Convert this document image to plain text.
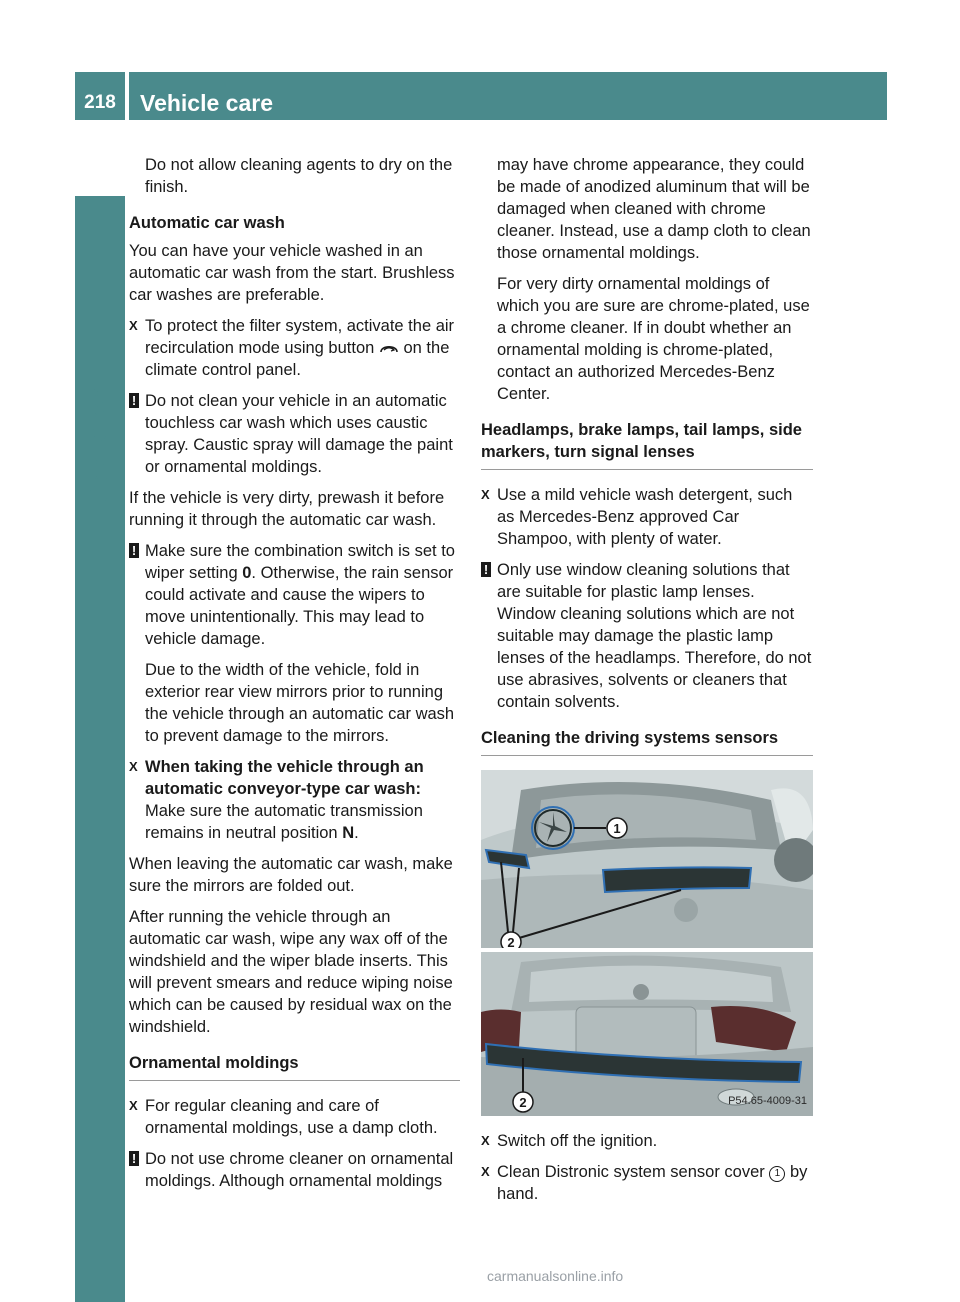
218	Vehicle care
Operation

Do not allow cleaning agents to dry on the finish.

Automatic car wash

You can have your vehicle washed in an automatic car wash from the start. Brushless car washes are preferable.

X To protect the filter system, activate the air recirculation mode using button on the climate control panel.
! Do not clean your vehicle in an automatic touchless car wash which uses caustic spray. Caustic spray will damage the paint or ornamental moldings.

If the vehicle is very dirty, prewash it before running it through the automatic car wash.

! Make sure the combination switch is set to wiper setting 0. Otherwise, the rain sensor could activate and cause the wipers to move unintentionally. This may lead to vehicle damage.

Due to the width of the vehicle, fold in exterior rear view mirrors prior to running the vehicle through an automatic car wash to prevent damage to the mirrors.

X When taking the vehicle through an automatic conveyor-type car wash:
Make sure the automatic transmission remains in neutral position N.

When leaving the automatic car wash, make sure the mirrors are folded out.

After running the vehicle through an automatic car wash, wipe any wax off of the windshield and the wiper blade inserts. This will prevent smears and reduce wiping noise which can be caused by residual wax on the windshield.

Ornamental moldings
X For regular cleaning and care of ornamental moldings, use a damp cloth.
! Do not use chrome cleaner on ornamental moldings. Although ornamental moldings

may have chrome appearance, they could be made of anodized aluminum that will be damaged when cleaned with chrome cleaner. Instead, use a damp cloth to clean those ornamental moldings.

For very dirty ornamental moldings of which you are sure are chrome-plated, use a chrome cleaner. If in doubt whether an ornamental molding is chrome-plated, contact an authorized Mercedes-Benz Center.

Headlamps, brake lamps, tail lamps, side markers, turn signal lenses
X Use a mild vehicle wash detergent, such as Mercedes-Benz approved Car Shampoo, with plenty of water.
! Only use window cleaning solutions that are suitable for plastic lamp lenses. Window cleaning solutions which are not suitable may damage the plastic lamp lenses of the headlamps. Therefore, do not use abrasives, solvents or cleaners that contain solvents.
Cleaning the driving systems sensors
1
2
2	P54.65-4009-31
X Switch off the ignition.
X Clean Distronic system sensor cover 1 by hand.
carmanualsonline.info
